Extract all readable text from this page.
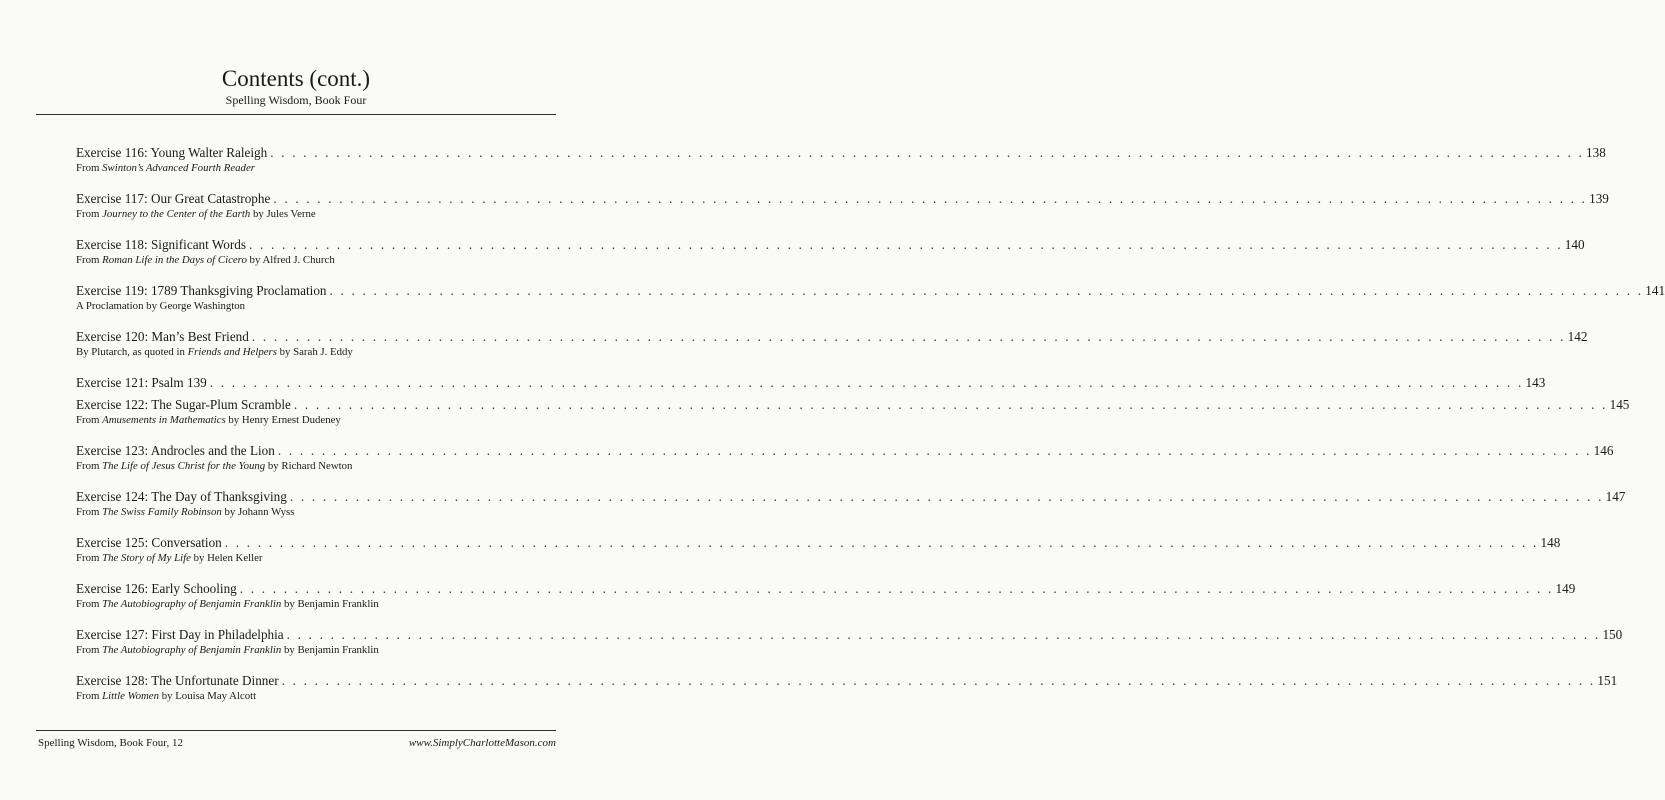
Contents (cont.)
Spelling Wisdom, Book Four
Exercise 116: Young Walter Raleigh . . . . . . . . . . . . . . . . . . . . . . . . . . . . . . . . . . . . . . . . . . . . . . . . . . . . . . . . . . . . . . . . . . . . . . . . . . . . . . . . . . . . . . . . . . . . . . . . . . . . . . . . . . . . . . . . . . . . . . . . 138
From Swinton’s Advanced Fourth Reader
Exercise 117: Our Great Catastrophe . . . . . . . . . . . . . . . . . . . . . . . . . . . . . . . . . . . . . . . . . . . . . . . . . . . . . . . . . . . . . . . . . . . . . . . . . . . . . . . . . . . . . . . . . . . . . . . . . . . . . . . . . . . . . . . . . . . . . . . . 139
From Journey to the Center of the Earth by Jules Verne
Exercise 118: Significant Words . . . . . . . . . . . . . . . . . . . . . . . . . . . . . . . . . . . . . . . . . . . . . . . . . . . . . . . . . . . . . . . . . . . . . . . . . . . . . . . . . . . . . . . . . . . . . . . . . . . . . . . . . . . . . . . . . . . . . . . . 140
From Roman Life in the Days of Cicero by Alfred J. Church
Exercise 119: 1789 Thanksgiving Proclamation . . . . . . . . . . . . . . . . . . . . . . . . . . . . . . . . . . . . . . . . . . . . . . . . . . . . . . . . . . . . . . . . . . . . . . . . . . . . . . . . . . . . . . . . . . . . . . . . . . . . . . . . . . . . . . . . . . . . . . . . 141
A Proclamation by George Washington
Exercise 120: Man’s Best Friend . . . . . . . . . . . . . . . . . . . . . . . . . . . . . . . . . . . . . . . . . . . . . . . . . . . . . . . . . . . . . . . . . . . . . . . . . . . . . . . . . . . . . . . . . . . . . . . . . . . . . . . . . . . . . . . . . . . . . . . . 142
By Plutarch, as quoted in Friends and Helpers by Sarah J. Eddy
Exercise 121: Psalm 139 . . . . . . . . . . . . . . . . . . . . . . . . . . . . . . . . . . . . . . . . . . . . . . . . . . . . . . . . . . . . . . . . . . . . . . . . . . . . . . . . . . . . . . . . . . . . . . . . . . . . . . . . . . . . . . . . . . . . . . . . 143
Exercise 122: The Sugar-Plum Scramble . . . . . . . . . . . . . . . . . . . . . . . . . . . . . . . . . . . . . . . . . . . . . . . . . . . . . . . . . . . . . . . . . . . . . . . . . . . . . . . . . . . . . . . . . . . . . . . . . . . . . . . . . . . . . . . . . . . . . . . . 145
From Amusements in Mathematics by Henry Ernest Dudeney
Exercise 123: Androcles and the Lion . . . . . . . . . . . . . . . . . . . . . . . . . . . . . . . . . . . . . . . . . . . . . . . . . . . . . . . . . . . . . . . . . . . . . . . . . . . . . . . . . . . . . . . . . . . . . . . . . . . . . . . . . . . . . . . . . . . . . . . . 146
From The Life of Jesus Christ for the Young by Richard Newton
Exercise 124: The Day of Thanksgiving . . . . . . . . . . . . . . . . . . . . . . . . . . . . . . . . . . . . . . . . . . . . . . . . . . . . . . . . . . . . . . . . . . . . . . . . . . . . . . . . . . . . . . . . . . . . . . . . . . . . . . . . . . . . . . . . . . . . . . . . 147
From The Swiss Family Robinson by Johann Wyss
Exercise 125: Conversation . . . . . . . . . . . . . . . . . . . . . . . . . . . . . . . . . . . . . . . . . . . . . . . . . . . . . . . . . . . . . . . . . . . . . . . . . . . . . . . . . . . . . . . . . . . . . . . . . . . . . . . . . . . . . . . . . . . . . . . . 148
From The Story of My Life by Helen Keller
Exercise 126: Early Schooling . . . . . . . . . . . . . . . . . . . . . . . . . . . . . . . . . . . . . . . . . . . . . . . . . . . . . . . . . . . . . . . . . . . . . . . . . . . . . . . . . . . . . . . . . . . . . . . . . . . . . . . . . . . . . . . . . . . . . . . . 149
From The Autobiography of Benjamin Franklin by Benjamin Franklin
Exercise 127: First Day in Philadelphia . . . . . . . . . . . . . . . . . . . . . . . . . . . . . . . . . . . . . . . . . . . . . . . . . . . . . . . . . . . . . . . . . . . . . . . . . . . . . . . . . . . . . . . . . . . . . . . . . . . . . . . . . . . . . . . . . . . . . . . . 150
From The Autobiography of Benjamin Franklin by Benjamin Franklin
Exercise 128: The Unfortunate Dinner . . . . . . . . . . . . . . . . . . . . . . . . . . . . . . . . . . . . . . . . . . . . . . . . . . . . . . . . . . . . . . . . . . . . . . . . . . . . . . . . . . . . . . . . . . . . . . . . . . . . . . . . . . . . . . . . . . . . . . . . 151
From Little Women by Louisa May Alcott
Spelling Wisdom, Book Four, 12	www.SimplyCharlotteMason.com
